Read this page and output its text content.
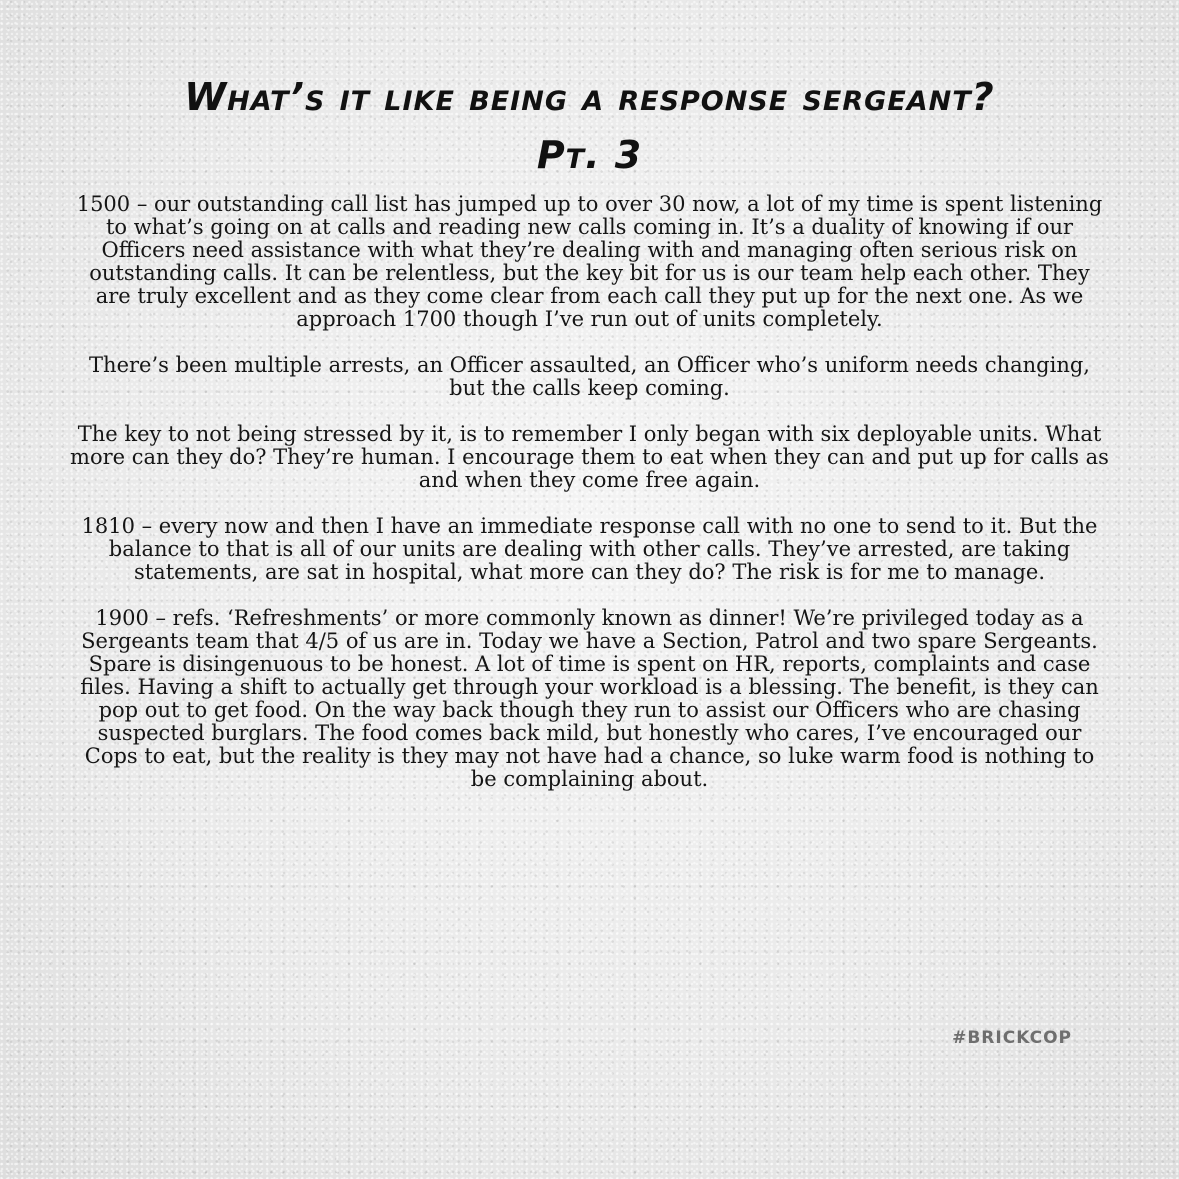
What’s it like being a response sergeant?
Pt. 3

1500 – our outstanding call list has jumped up to over 30 now, a lot of my time is spent listening to what’s going on at calls and reading new calls coming in. It’s a duality of knowing if our Officers need assistance with what they’re dealing with and managing often serious risk on outstanding calls. It can be relentless, but the key bit for us is our team help each other. They are truly excellent and as they come clear from each call they put up for the next one. As we approach 1700 though I’ve run out of units completely.

There’s been multiple arrests, an Officer assaulted, an Officer who’s uniform needs changing, but the calls keep coming.

The key to not being stressed by it, is to remember I only began with six deployable units. What more can they do? They’re human. I encourage them to eat when they can and put up for calls as and when they come free again.

1810 – every now and then I have an immediate response call with no one to send to it. But the balance to that is all of our units are dealing with other calls. They’ve arrested, are taking statements, are sat in hospital, what more can they do? The risk is for me to manage.

1900 – refs. ‘Refreshments’ or more commonly known as dinner! We’re privileged today as a Sergeants team that 4/5 of us are in. Today we have a Section, Patrol and two spare Sergeants.

Spare is disingenuous to be honest. A lot of time is spent on HR, reports, complaints and case files. Having a shift to actually get through your workload is a blessing. The benefit, is they can pop out to get food. On the way back though they run to assist our Officers who are chasing suspected burglars. The food comes back mild, but honestly who cares, I’ve encouraged our Cops to eat, but the reality is they may not have had a chance, so luke warm food is nothing to be complaining about.

#BRICKCOP
